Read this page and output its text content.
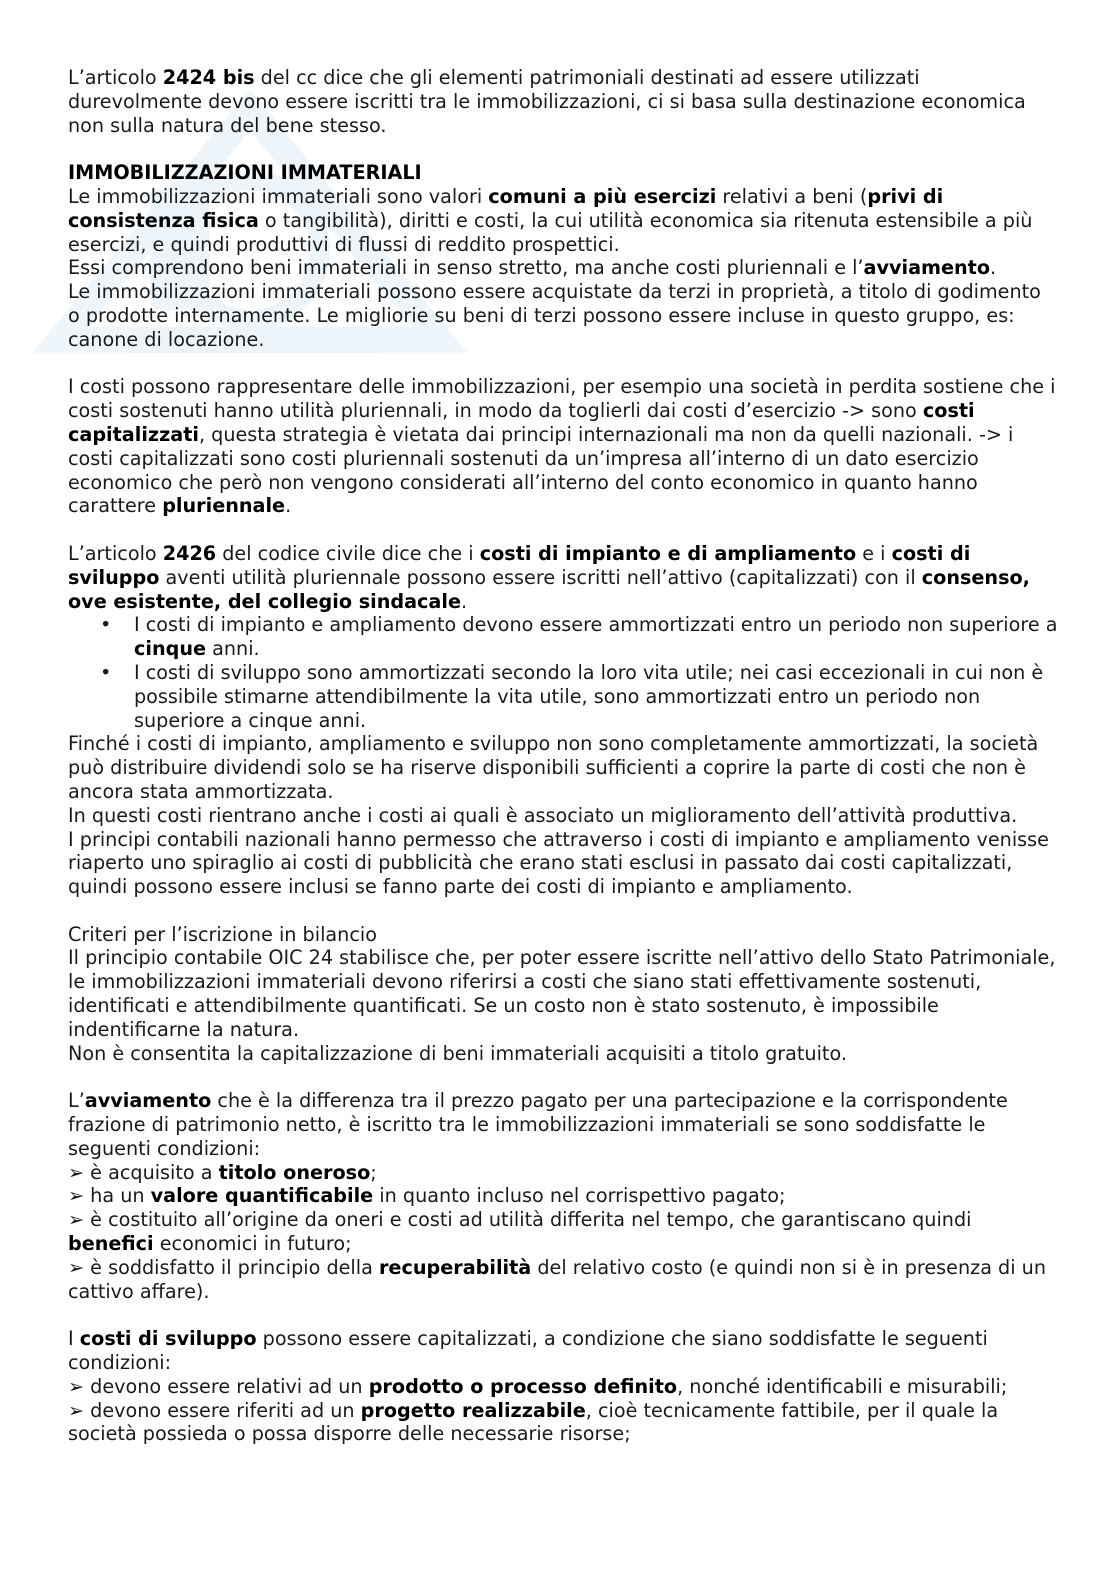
L’articolo 2424 bis del cc dice che gli elementi patrimoniali destinati ad essere utilizzati durevolmente devono essere iscritti tra le immobilizzazioni, ci si basa sulla destinazione economica non sulla natura del bene stesso.

IMMOBILIZZAZIONI IMMATERIALI

Le immobilizzazioni immateriali sono valori comuni a più esercizi relativi a beni (privi di consistenza fisica o tangibilità), diritti e costi, la cui utilità economica sia ritenuta estensibile a più esercizi, e quindi produttivi di flussi di reddito prospettici.

Essi comprendono beni immateriali in senso stretto, ma anche costi pluriennali e l’avviamento.

Le immobilizzazioni immateriali possono essere acquistate da terzi in proprietà, a titolo di godimento o prodotte internamente. Le migliorie su beni di terzi possono essere incluse in questo gruppo, es: canone di locazione.

I costi possono rappresentare delle immobilizzazioni, per esempio una società in perdita sostiene che i costi sostenuti hanno utilità pluriennali, in modo da toglierli dai costi d’esercizio -> sono costi capitalizzati, questa strategia è vietata dai principi internazionali ma non da quelli nazionali. -> i costi capitalizzati sono costi pluriennali sostenuti da un’impresa all’interno di un dato esercizio economico che però non vengono considerati all’interno del conto economico in quanto hanno carattere pluriennale.

L’articolo 2426 del codice civile dice che i costi di impianto e di ampliamento e i costi di sviluppo aventi utilità pluriennale possono essere iscritti nell’attivo (capitalizzati) con il consenso, ove esistente, del collegio sindacale.

• I costi di impianto e ampliamento devono essere ammortizzati entro un periodo non superiore a cinque anni.
• I costi di sviluppo sono ammortizzati secondo la loro vita utile; nei casi eccezionali in cui non è possibile stimarne attendibilmente la vita utile, sono ammortizzati entro un periodo non superiore a cinque anni.

Finché i costi di impianto, ampliamento e sviluppo non sono completamente ammortizzati, la società può distribuire dividendi solo se ha riserve disponibili sufficienti a coprire la parte di costi che non è ancora stata ammortizzata.

In questi costi rientrano anche i costi ai quali è associato un miglioramento dell’attività produttiva.

I principi contabili nazionali hanno permesso che attraverso i costi di impianto e ampliamento venisse riaperto uno spiraglio ai costi di pubblicità che erano stati esclusi in passato dai costi capitalizzati, quindi possono essere inclusi se fanno parte dei costi di impianto e ampliamento.

Criteri per l’iscrizione in bilancio

Il principio contabile OIC 24 stabilisce che, per poter essere iscritte nell’attivo dello Stato Patrimoniale, le immobilizzazioni immateriali devono riferirsi a costi che siano stati effettivamente sostenuti, identificati e attendibilmente quantificati. Se un costo non è stato sostenuto, è impossibile indentificarne la natura.

Non è consentita la capitalizzazione di beni immateriali acquisiti a titolo gratuito.

L’avviamento che è la differenza tra il prezzo pagato per una partecipazione e la corrispondente frazione di patrimonio netto, è iscritto tra le immobilizzazioni immateriali se sono soddisfatte le seguenti condizioni:

➢ è acquisito a titolo oneroso;

➢ ha un valore quantificabile in quanto incluso nel corrispettivo pagato;

➢ è costituito all’origine da oneri e costi ad utilità differita nel tempo, che garantiscano quindi benefici economici in futuro;

➢ è soddisfatto il principio della recuperabilità del relativo costo (e quindi non si è in presenza di un cattivo affare).

I costi di sviluppo possono essere capitalizzati, a condizione che siano soddisfatte le seguenti condizioni:

➢ devono essere relativi ad un prodotto o processo definito, nonché identificabili e misurabili;

➢ devono essere riferiti ad un progetto realizzabile, cioè tecnicamente fattibile, per il quale la società possieda o possa disporre delle necessarie risorse;
